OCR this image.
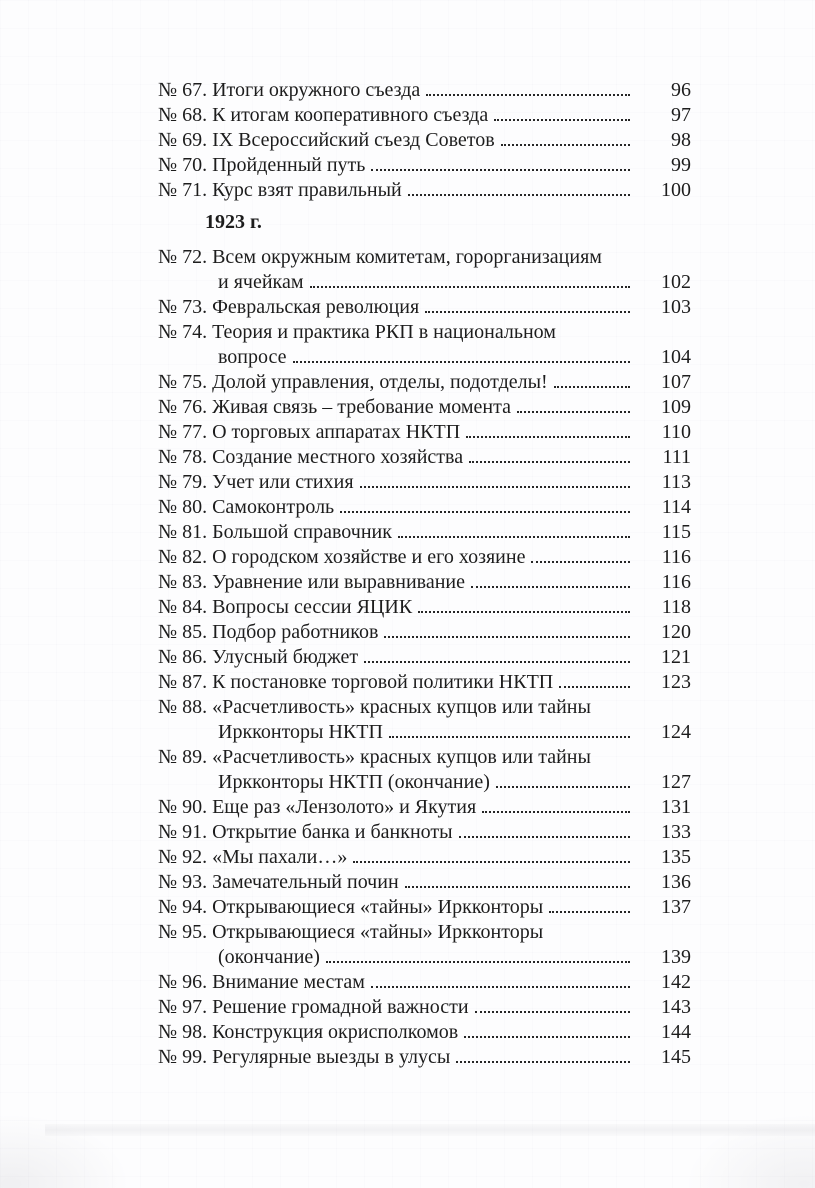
№ 67. Итоги окружного съезда	96
№ 68. К итогам кооперативного съезда	97
№ 69. IX Всероссийский съезд Советов	98
№ 70. Пройденный путь	99
№ 71. Курс взят правильный	100
1923 г.
№ 72. Всем окружным комитетам, горорганизациям
и ячейкам	102
№ 73. Февральская революция	103
№ 74. Теория и практика РКП в национальном
вопросе	104
№ 75. Долой управления, отделы, подотделы!	107
№ 76. Живая связь – требование момента	109
№ 77. О торговых аппаратах НКТП	110
№ 78. Создание местного хозяйства	111
№ 79. Учет или стихия	113
№ 80. Самоконтроль	114
№ 81. Большой справочник	115
№ 82. О городском хозяйстве и его хозяине	116
№ 83. Уравнение или выравнивание	116
№ 84. Вопросы сессии ЯЦИК	118
№ 85. Подбор работников	120
№ 86. Улусный бюджет	121
№ 87. К постановке торговой политики НКТП	123
№ 88. «Расчетливость» красных купцов или тайны
Иркконторы НКТП	124
№ 89. «Расчетливость» красных купцов или тайны
Иркконторы НКТП (окончание)	127
№ 90. Еще раз «Лензолото» и Якутия	131
№ 91. Открытие банка и банкноты	133
№ 92. «Мы пахали…»	135
№ 93. Замечательный почин	136
№ 94. Открывающиеся «тайны» Иркконторы	137
№ 95. Открывающиеся «тайны» Иркконторы
(окончание)	139
№ 96. Внимание местам	142
№ 97. Решение громадной важности	143
№ 98. Конструкция окрисполкомов	144
№ 99. Регулярные выезды в улусы	145
